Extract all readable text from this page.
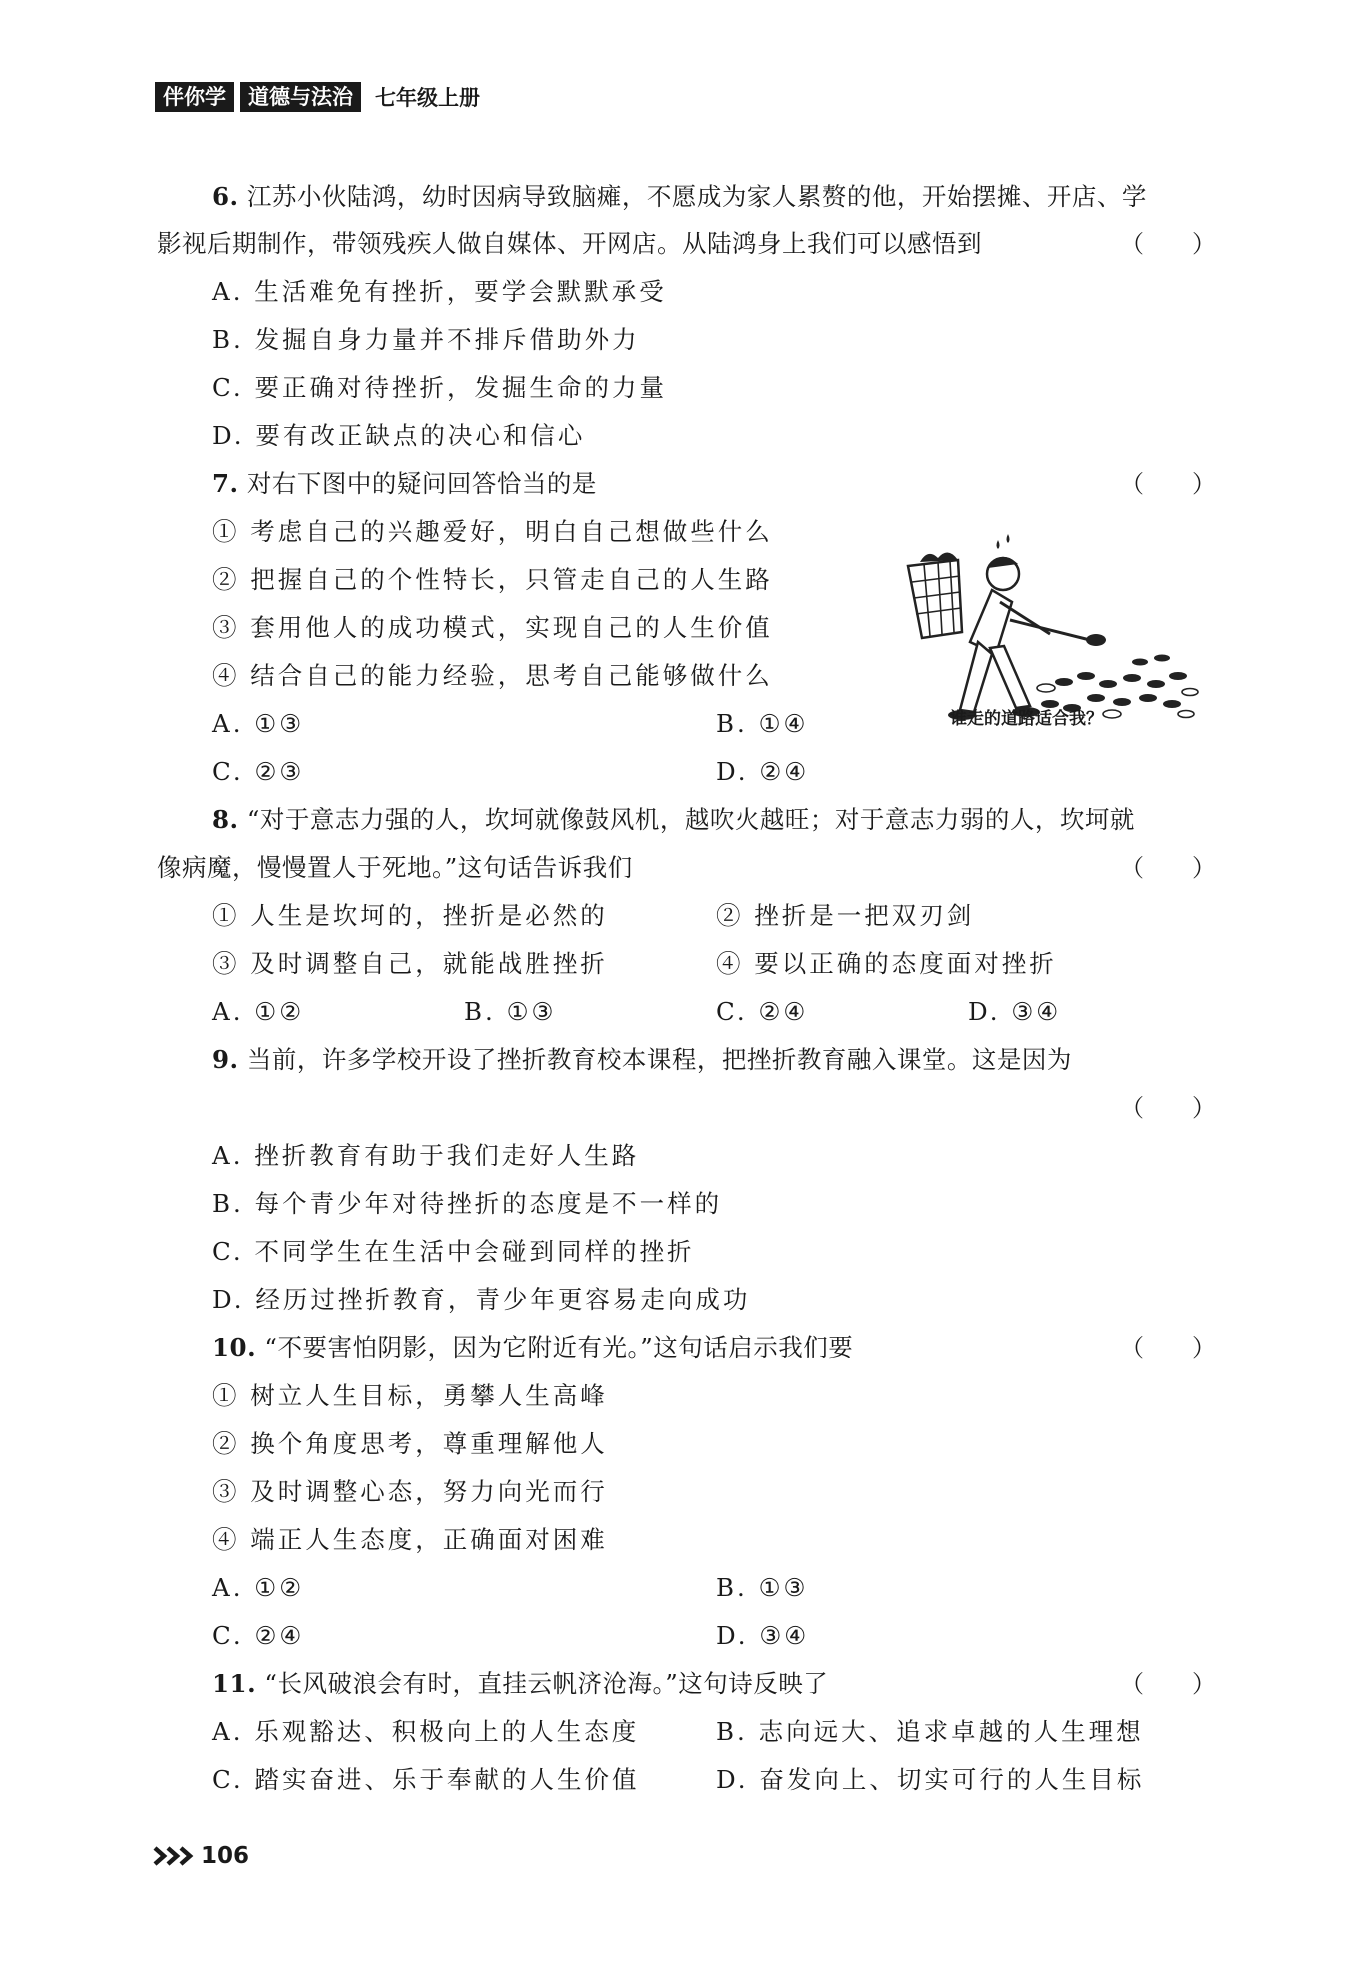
伴你学	道德与法治	七年级上册
6. 江苏小伙陆鸿，幼时因病导致脑瘫，不愿成为家人累赘的他，开始摆摊、开店、学
影视后期制作，带领残疾人做自媒体、开网店。从陆鸿身上我们可以感悟到	（　　）
A. 生活难免有挫折，要学会默默承受
B. 发掘自身力量并不排斥借助外力
C. 要正确对待挫折，发掘生命的力量
D. 要有改正缺点的决心和信心
7. 对右下图中的疑问回答恰当的是	（　　）
① 考虑自己的兴趣爱好，明白自己想做些什么
② 把握自己的个性特长，只管走自己的人生路
③ 套用他人的成功模式，实现自己的人生价值
④ 结合自己的能力经验，思考自己能够做什么
A. ①③	B. ①④
C. ②③	D. ②④
谁走的道路适合我？
8. “对于意志力强的人，坎坷就像鼓风机，越吹火越旺；对于意志力弱的人，坎坷就
像病魔，慢慢置人于死地。”这句话告诉我们	（　　）
① 人生是坎坷的，挫折是必然的	② 挫折是一把双刃剑
③ 及时调整自己，就能战胜挫折	④ 要以正确的态度面对挫折
A. ①②	B. ①③	C. ②④	D. ③④
9. 当前，许多学校开设了挫折教育校本课程，把挫折教育融入课堂。这是因为
（　　）
A. 挫折教育有助于我们走好人生路
B. 每个青少年对待挫折的态度是不一样的
C. 不同学生在生活中会碰到同样的挫折
D. 经历过挫折教育，青少年更容易走向成功
10. “不要害怕阴影，因为它附近有光。”这句话启示我们要	（　　）
① 树立人生目标，勇攀人生高峰
② 换个角度思考，尊重理解他人
③ 及时调整心态，努力向光而行
④ 端正人生态度，正确面对困难
A. ①②	B. ①③
C. ②④	D. ③④
11. “长风破浪会有时，直挂云帆济沧海。”这句诗反映了	（　　）
A. 乐观豁达、积极向上的人生态度	B. 志向远大、追求卓越的人生理想
C. 踏实奋进、乐于奉献的人生价值	D. 奋发向上、切实可行的人生目标
106
